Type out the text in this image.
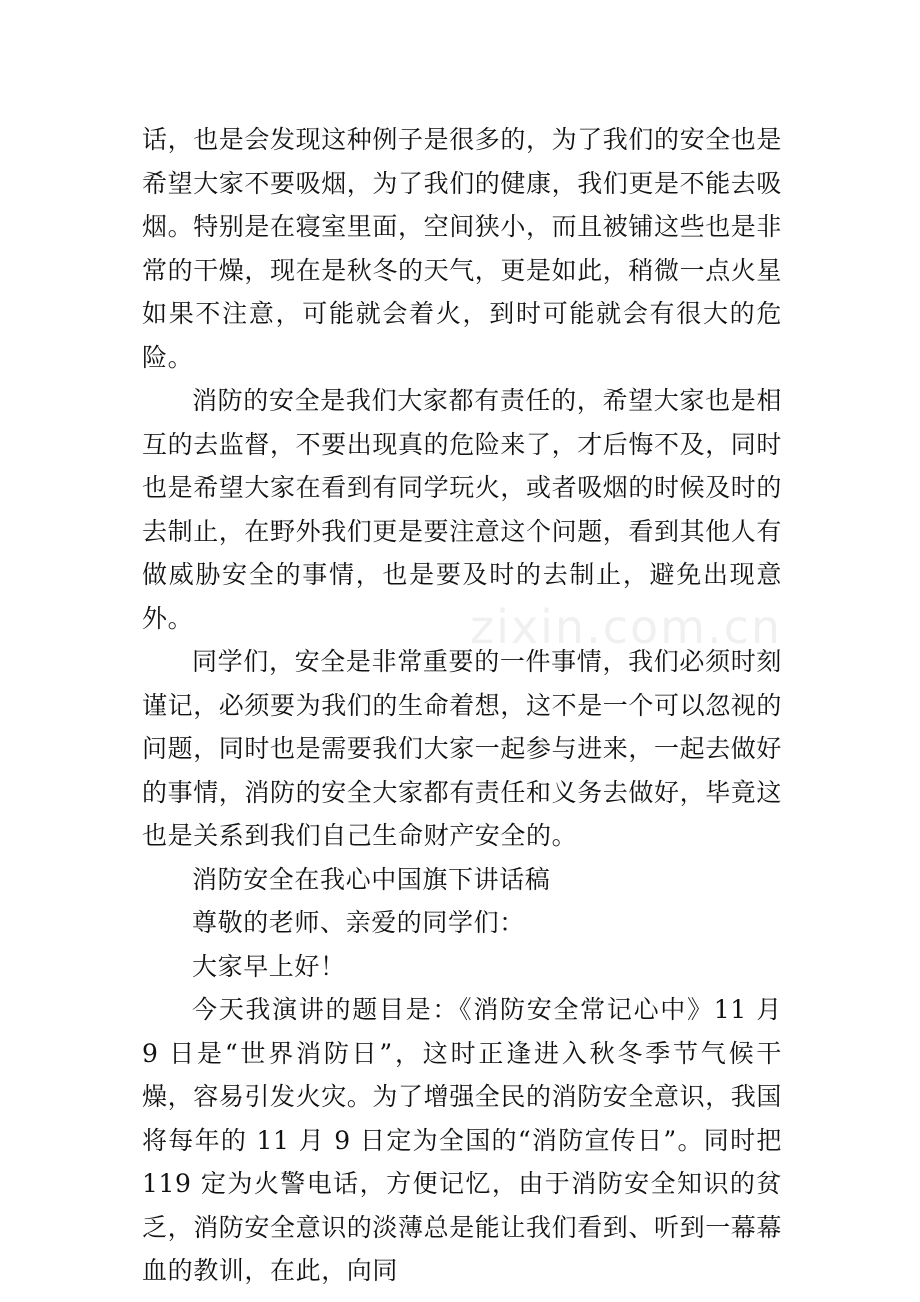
话，也是会发现这种例子是很多的，为了我们的安全也是希望大家不要吸烟，为了我们的健康，我们更是不能去吸烟。特别是在寝室里面，空间狭小，而且被铺这些也是非常的干燥，现在是秋冬的天气，更是如此，稍微一点火星如果不注意，可能就会着火，到时可能就会有很大的危险。

消防的安全是我们大家都有责任的，希望大家也是相互的去监督，不要出现真的危险来了，才后悔不及，同时也是希望大家在看到有同学玩火，或者吸烟的时候及时的去制止，在野外我们更是要注意这个问题，看到其他人有做威胁安全的事情，也是要及时的去制止，避免出现意外。

同学们，安全是非常重要的一件事情，我们必须时刻谨记，必须要为我们的生命着想，这不是一个可以忽视的问题，同时也是需要我们大家一起参与进来，一起去做好的事情，消防的安全大家都有责任和义务去做好，毕竟这也是关系到我们自己生命财产安全的。

消防安全在我心中国旗下讲话稿

尊敬的老师、亲爱的同学们：

大家早上好！

今天我演讲的题目是：《消防安全常记心中》11 月 9 日是“世界消防日”，这时正逢进入秋冬季节气候干燥，容易引发火灾。为了增强全民的消防安全意识，我国将每年的 11 月 9 日定为全国的“消防宣传日”。同时把 119 定为火警电话，方便记忆，由于消防安全知识的贫乏，消防安全意识的淡薄总是能让我们看到、听到一幕幕血的教训，在此，向同

zixin.com.cn
